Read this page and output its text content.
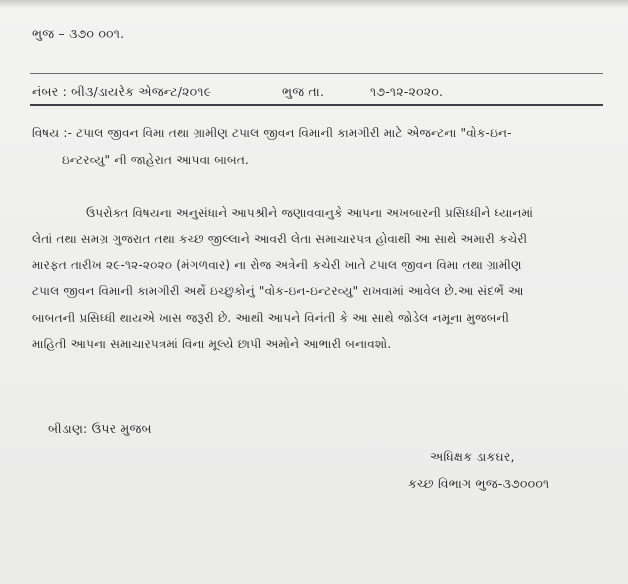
ભુજ – ૩૭૦ ૦૦૧.
નંબર : બી૩/ડાયરેક એજન્ટ/૨૦૧૯	ભુજ તા.	૧૭-૧૨-૨૦૨૦.
વિષય :- ટપાલ જીવન વિમા તથા ગ્રામીણ ટપાલ જીવન વિમાની કામગીરી માટે એજન્ટના "વોક-ઇન-
ઇન્ટરવ્યુ" ની જાહેરાત આપવા બાબત.
ઉપરોક્ત વિષયના અનુસંધાને આપશ્રીને જણાવવાનુકે આપના અખબારની પ્રસિધ્ધીને ધ્યાનમાં
લેતાં તથા સમગ્ર ગુજરાત તથા કચ્છ જીલ્લાને આવરી લેતા સમાચારપત્ર હોવાથી આ સાથે અમારી કચેરી
મારફત તારીખ ૨૯-૧૨-૨૦૨૦ (મંગળવાર) ના રોજ અત્રેની કચેરી ખાતે ટપાલ જીવન વિમા તથા ગ્રામીણ
ટપાલ જીવન વિમાની કામગીરી અર્થે ઇચ્છુકોનું "વોક-ઇન-ઇન્ટરવ્યુ" રાખવામાં આવેલ છે.આ સંદર્ભે આ
બાબતની પ્રસિધ્ધી થાયએ ખાસ જરૂરી છે. આથી આપને વિનંતી કે આ સાથે જોડેલ નમૂના મુજબની
માહિતી આપના સમાચારપત્રમાં વિના મૂલ્યે છાપી અમોને આભારી બનાવશો.
બીડાણ: ઉપર મુજબ
અધિક્ષક ડાકઘર,
કચ્છ વિભાગ ભુજ-૩૭૦૦૦૧
